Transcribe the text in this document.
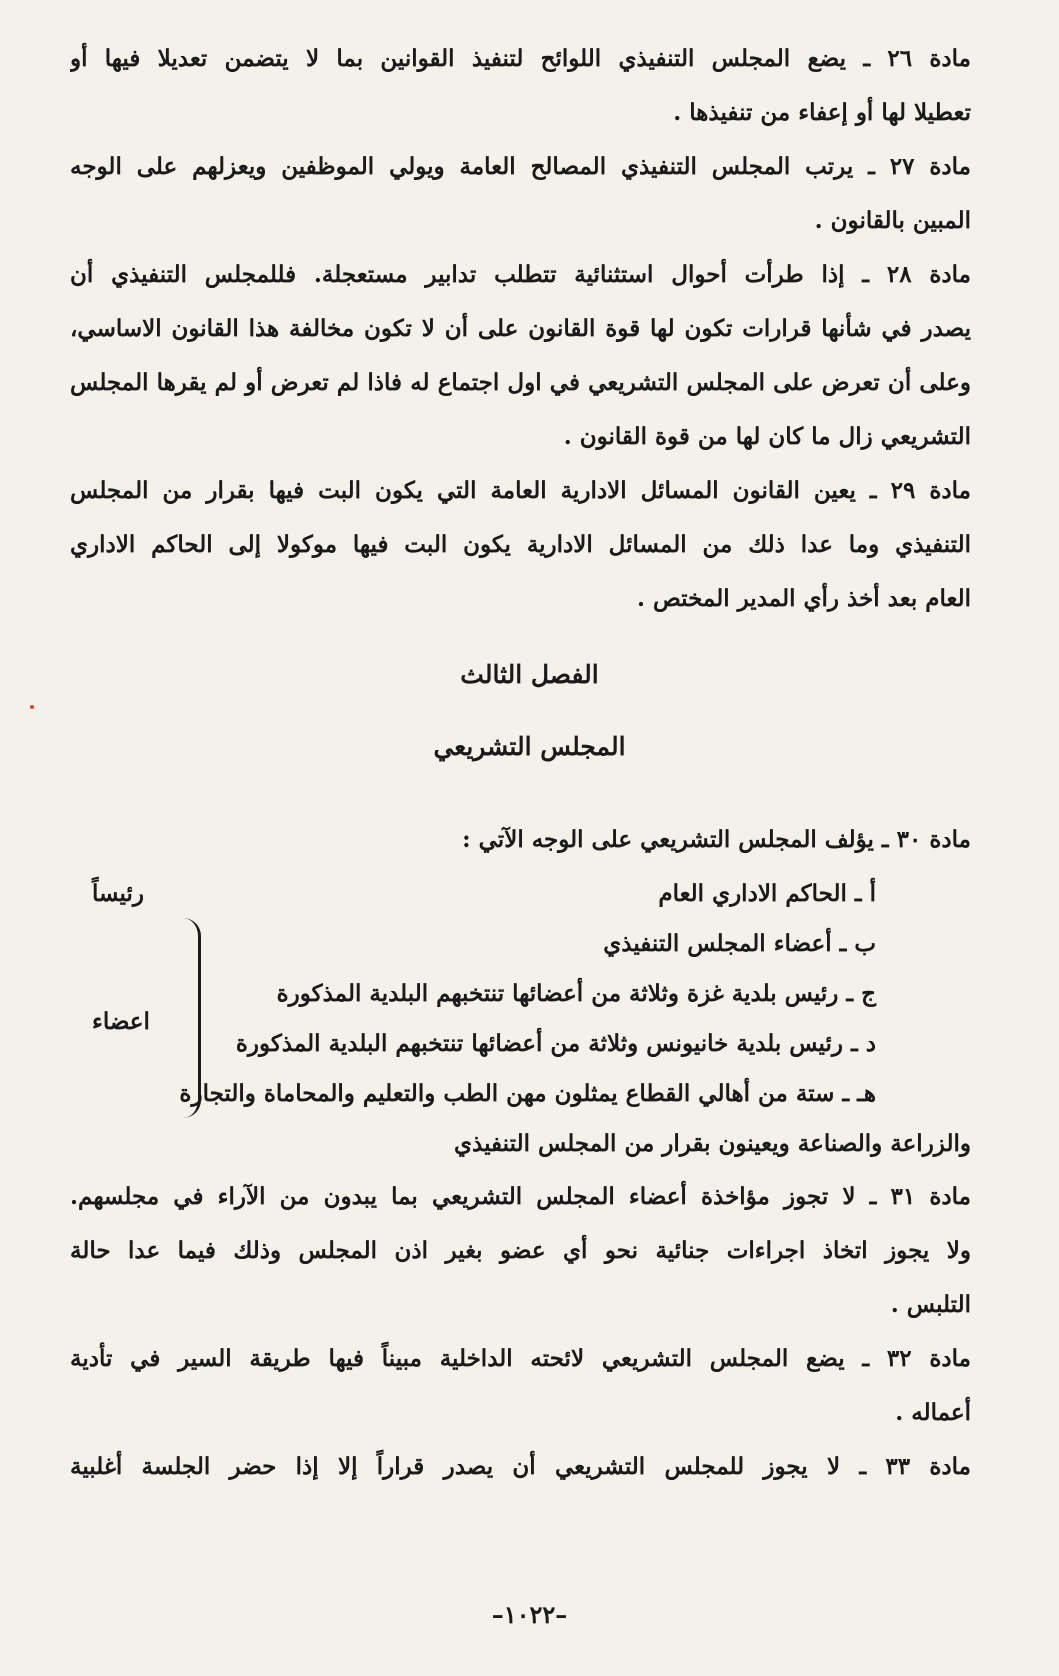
مادة ٢٦ ـ يضع المجلس التنفيذي اللوائح لتنفيذ القوانين بما لا يتضمن تعديلا فيها أو
تعطيلا لها أو إعفاء من تنفيذها .
مادة ٢٧ ـ يرتب المجلس التنفيذي المصالح العامة ويولي الموظفين ويعزلهم على الوجه
المبين بالقانون .
مادة ٢٨ ـ إذا طرأت أحوال استثنائية تتطلب تدابير مستعجلة. فللمجلس التنفيذي أن
يصدر في شأنها قرارات تكون لها قوة القانون على أن لا تكون مخالفة هذا القانون الاساسي،
وعلى أن تعرض على المجلس التشريعي في اول اجتماع له فاذا لم تعرض أو لم يقرها المجلس
التشريعي زال ما كان لها من قوة القانون .
مادة ٢٩ ـ يعين القانون المسائل الادارية العامة التي يكون البت فيها بقرار من المجلس
التنفيذي وما عدا ذلك من المسائل الادارية يكون البت فيها موكولا إلى الحاكم الاداري
العام بعد أخذ رأي المدير المختص .
الفصل الثالث
المجلس التشريعي
مادة ٣٠ ـ يؤلف المجلس التشريعي على الوجه الآتي :
أ ـ الحاكم الاداري العام
رئيساً
ب ـ أعضاء المجلس التنفيذي
ج ـ رئيس بلدية غزة وثلاثة من أعضائها تنتخبهم البلدية المذكورة
د ـ رئيس بلدية خانيونس وثلاثة من أعضائها تنتخبهم البلدية المذكورة
اعضاء
هـ ـ ستة من أهالي القطاع يمثلون مهن الطب والتعليم والمحاماة والتجارة
والزراعة والصناعة ويعينون بقرار من المجلس التنفيذي
مادة ٣١ ـ لا تجوز مؤاخذة أعضاء المجلس التشريعي بما يبدون من الآراء في مجلسهم.
ولا يجوز اتخاذ اجراءات جنائية نحو أي عضو بغير اذن المجلس وذلك فيما عدا حالة
التلبس .
مادة ٣٢ ـ يضع المجلس التشريعي لائحته الداخلية مبيناً فيها طريقة السير في تأدية
أعماله .
مادة ٣٣ ـ لا يجوز للمجلس التشريعي أن يصدر قراراً إلا إذا حضر الجلسة أغلبية
–١٠٢٢–
